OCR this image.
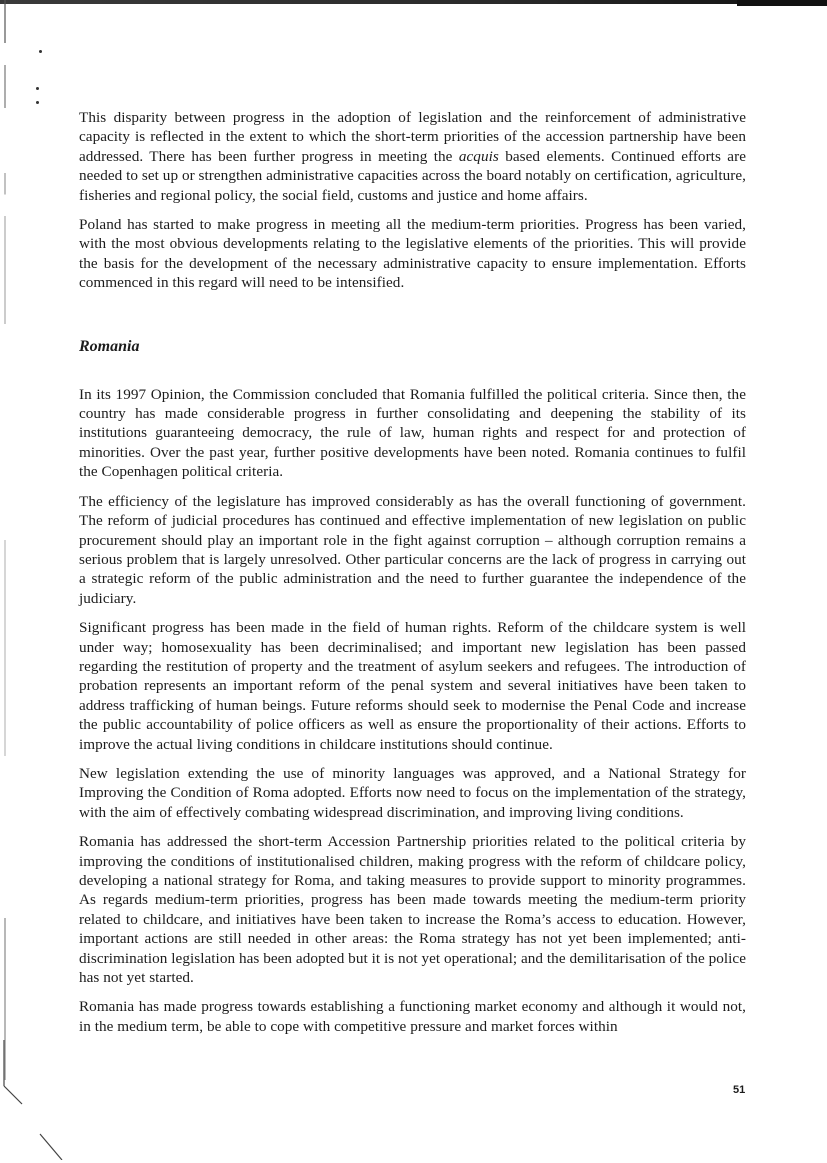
This disparity between progress in the adoption of legislation and the reinforcement of administrative capacity is reflected in the extent to which the short-term priorities of the accession partnership have been addressed. There has been further progress in meeting the acquis based elements. Continued efforts are needed to set up or strengthen administrative capacities across the board notably on certification, agriculture, fisheries and regional policy, the social field, customs and justice and home affairs.

Poland has started to make progress in meeting all the medium-term priorities. Progress has been varied, with the most obvious developments relating to the legislative elements of the priorities. This will provide the basis for the development of the necessary administrative capacity to ensure implementation. Efforts commenced in this regard will need to be intensified.

Romania

In its 1997 Opinion, the Commission concluded that Romania fulfilled the political criteria. Since then, the country has made considerable progress in further consolidating and deepening the stability of its institutions guaranteeing democracy, the rule of law, human rights and respect for and protection of minorities. Over the past year, further positive developments have been noted. Romania continues to fulfil the Copenhagen political criteria.

The efficiency of the legislature has improved considerably as has the overall functioning of government. The reform of judicial procedures has continued and effective implementation of new legislation on public procurement should play an important role in the fight against corruption – although corruption remains a serious problem that is largely unresolved. Other particular concerns are the lack of progress in carrying out a strategic reform of the public administration and the need to further guarantee the independence of the judiciary.

Significant progress has been made in the field of human rights. Reform of the childcare system is well under way; homosexuality has been decriminalised; and important new legislation has been passed regarding the restitution of property and the treatment of asylum seekers and refugees. The introduction of probation represents an important reform of the penal system and several initiatives have been taken to address trafficking of human beings. Future reforms should seek to modernise the Penal Code and increase the public accountability of police officers as well as ensure the proportionality of their actions. Efforts to improve the actual living conditions in childcare institutions should continue.

New legislation extending the use of minority languages was approved, and a National Strategy for Improving the Condition of Roma adopted. Efforts now need to focus on the implementation of the strategy, with the aim of effectively combating widespread discrimination, and improving living conditions.

Romania has addressed the short-term Accession Partnership priorities related to the political criteria by improving the conditions of institutionalised children, making progress with the reform of childcare policy, developing a national strategy for Roma, and taking measures to provide support to minority programmes. As regards medium-term priorities, progress has been made towards meeting the medium-term priority related to childcare, and initiatives have been taken to increase the Roma’s access to education. However, important actions are still needed in other areas: the Roma strategy has not yet been implemented; anti-discrimination legislation has been adopted but it is not yet operational; and the demilitarisation of the police has not yet started.

Romania has made progress towards establishing a functioning market economy and although it would not, in the medium term, be able to cope with competitive pressure and market forces within

51
